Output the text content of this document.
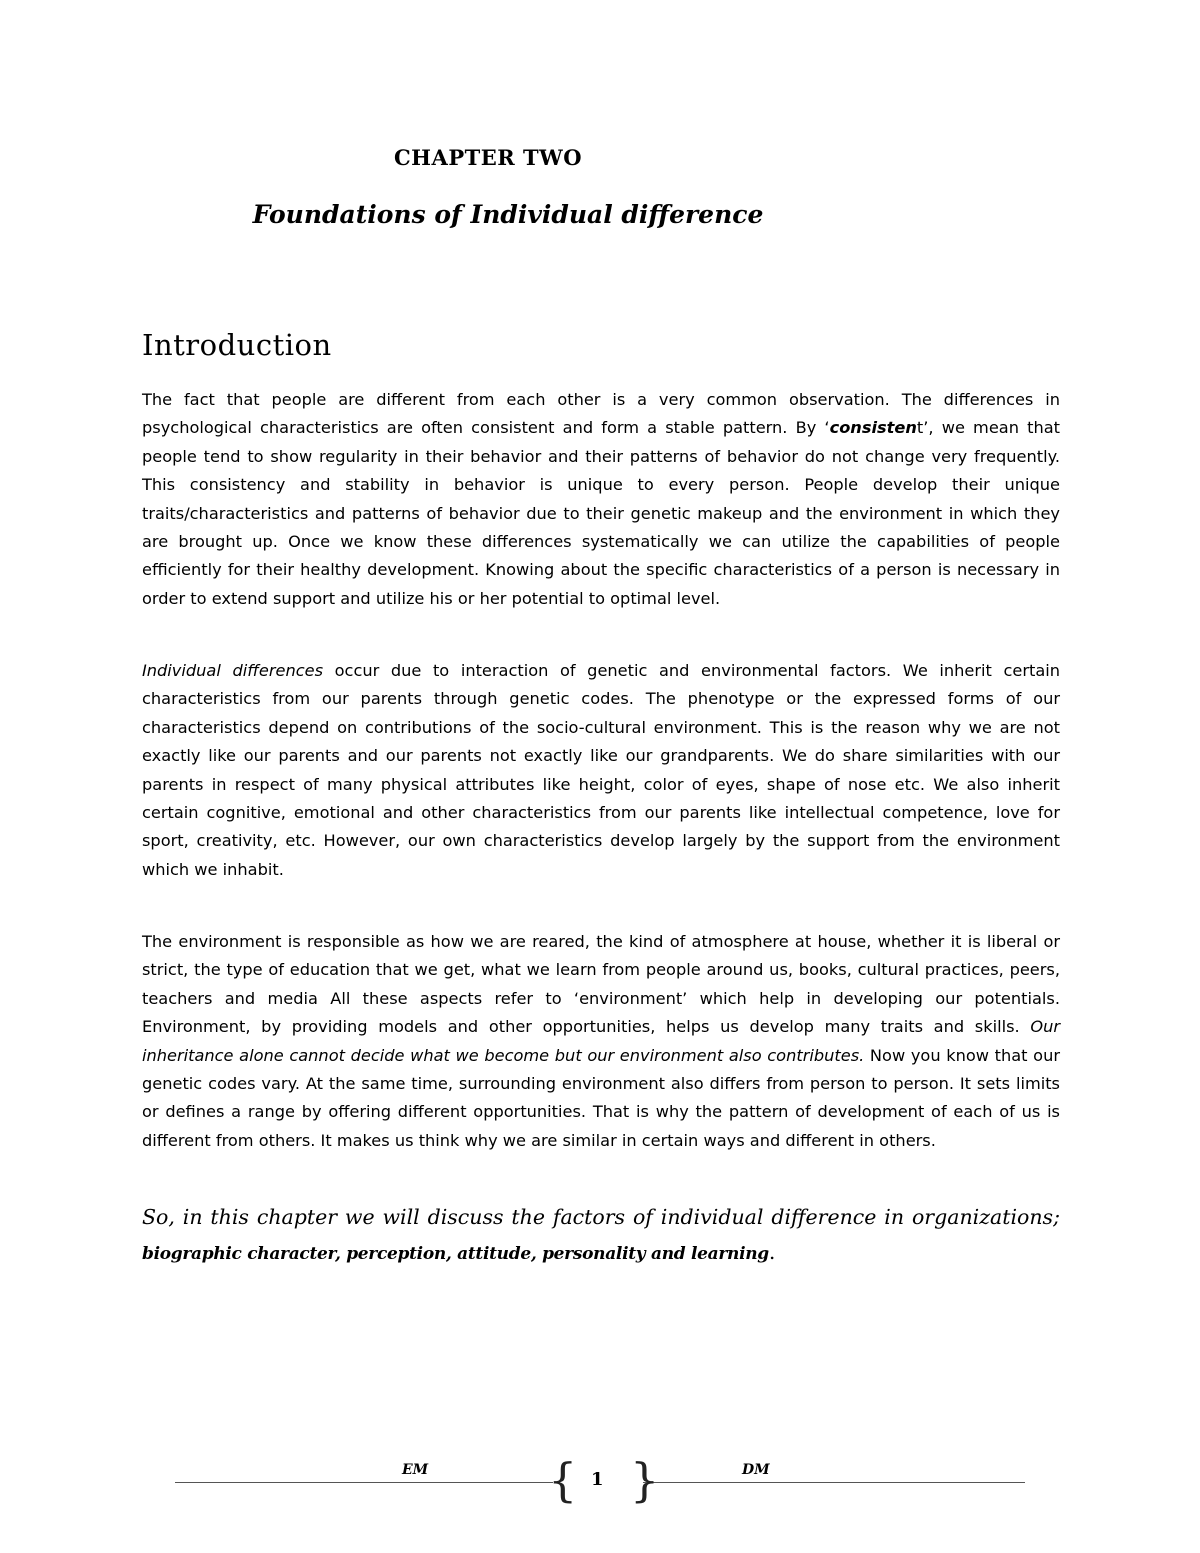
CHAPTER TWO
Foundations of Individual difference
Introduction

The fact that people are different from each other is a very common observation. The differences in psychological characteristics are often consistent and form a stable pattern. By ‘consistent’, we mean that people tend to show regularity in their behavior and their patterns of behavior do not change very frequently. This consistency and stability in behavior is unique to every person. People develop their unique traits/characteristics and patterns of behavior due to their genetic makeup and the environment in which they are brought up. Once we know these differences systematically we can utilize the capabilities of people efficiently for their healthy development. Knowing about the specific characteristics of a person is necessary in order to extend support and utilize his or her potential to optimal level.

Individual differences occur due to interaction of genetic and environmental factors. We inherit certain characteristics from our parents through genetic codes. The phenotype or the expressed forms of our characteristics depend on contributions of the socio-cultural environment. This is the reason why we are not exactly like our parents and our parents not exactly like our grandparents. We do share similarities with our parents in respect of many physical attributes like height, color of eyes, shape of nose etc. We also inherit certain cognitive, emotional and other characteristics from our parents like intellectual competence, love for sport, creativity, etc. However, our own characteristics develop largely by the support from the environment which we inhabit.

The environment is responsible as how we are reared, the kind of atmosphere at house, whether it is liberal or strict, the type of education that we get, what we learn from people around us, books, cultural practices, peers, teachers and media All these aspects refer to ‘environment’ which help in developing our potentials. Environment, by providing models and other opportunities, helps us develop many traits and skills. Our inheritance alone cannot decide what we become but our environment also contributes. Now you know that our genetic codes vary. At the same time, surrounding environment also differs from person to person. It sets limits or defines a range by offering different opportunities. That is why the pattern of development of each of us is different from others. It makes us think why we are similar in certain ways and different in others.

So, in this chapter we will discuss the factors of individual difference in organizations; biographic character, perception, attitude, personality and learning.

EM	DM
{ 1 }
